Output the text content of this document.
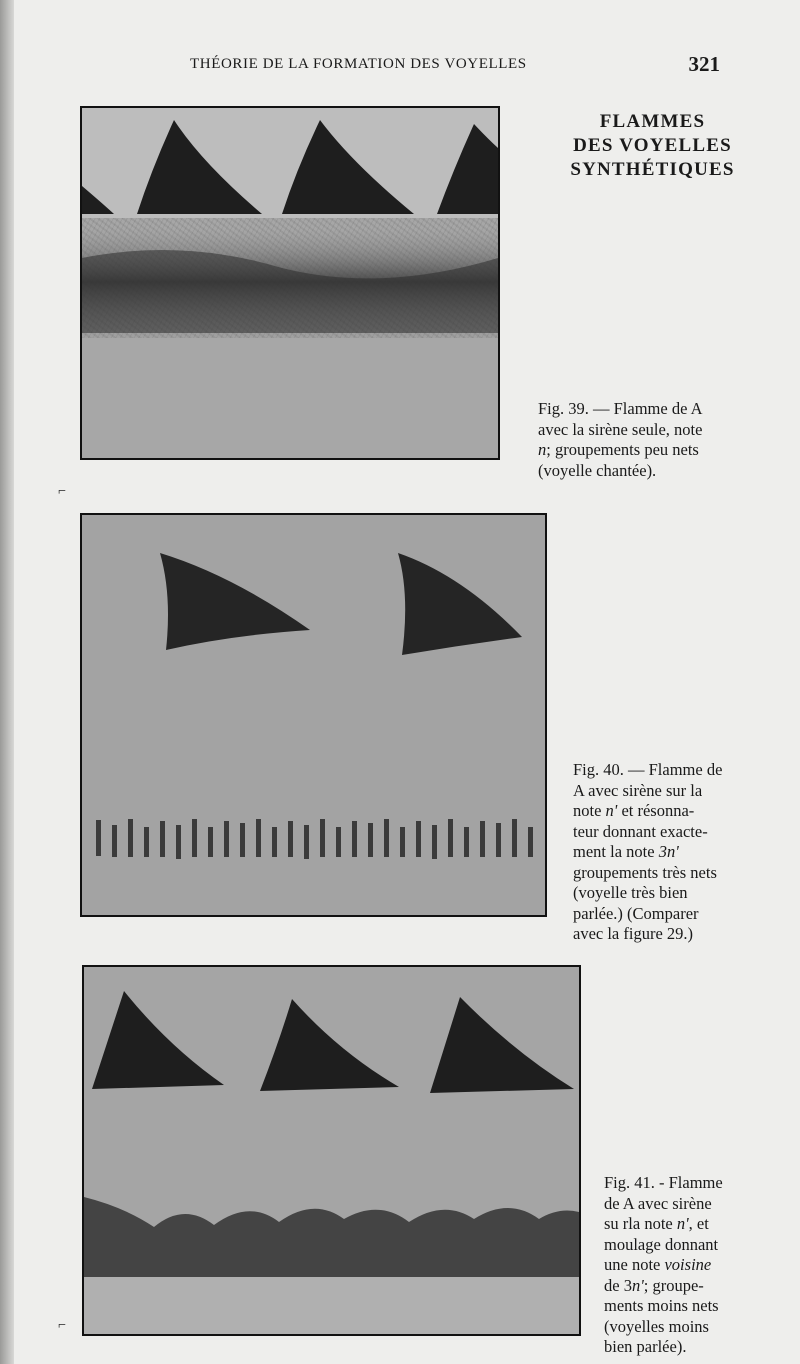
THÉORIE DE LA FORMATION DES VOYELLES	321
FLAMMES
DES VOYELLES
SYNTHÉTIQUES
Fig. 39. — Flamme de A
avec la sirène seule, note
n; groupements peu nets
(voyelle chantée).
Fig. 40. — Flamme de
A avec sirène sur la
note n' et résonna-
teur donnant exacte-
ment la note 3n'
groupements très nets
(voyelle très bien
parlée.) (Comparer
avec la figure 29.)
Fig. 41. - Flamme
de A avec sirène
su rla note n', et
moulage donnant
une note voisine
de 3n'; groupe-
ments moins nets
(voyelles moins
bien parlée).
⌐
⌐
